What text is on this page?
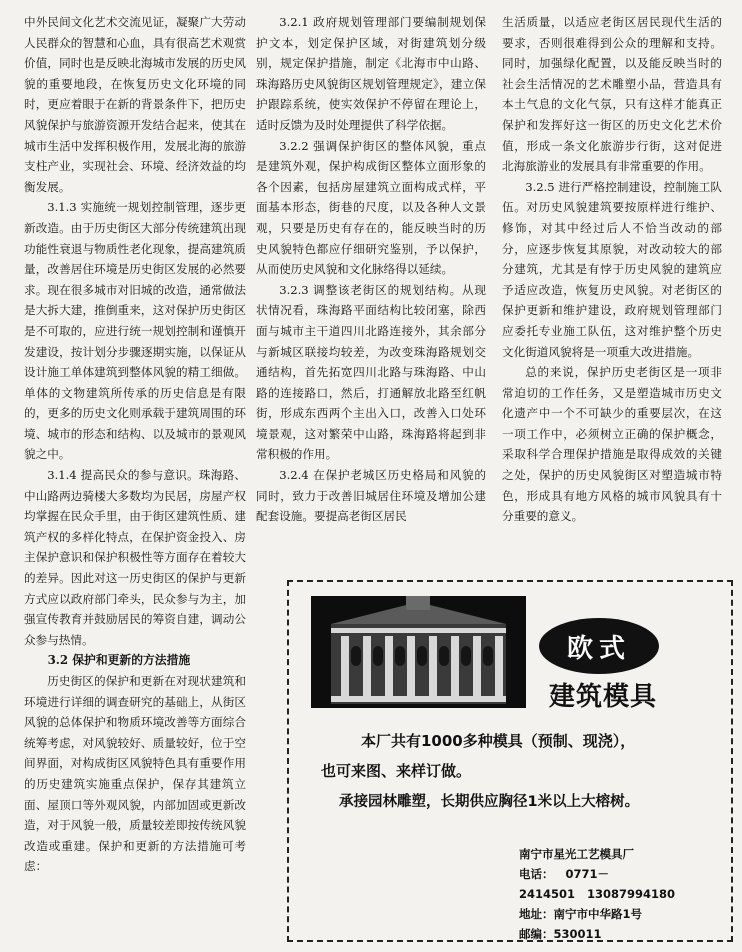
中外民间文化艺术交流见证，凝聚广大劳动人民群众的智慧和心血，具有很高艺术观赏价值，同时也是反映北海城市发展的历史风貌的重要地段，在恢复历史文化环境的同时，更应着眼于在新的背景条件下，把历史风貌保护与旅游资源开发结合起来，使其在城市生活中发挥积极作用，发展北海的旅游支柱产业，实现社会、环境、经济效益的均衡发展。

3.1.3 实施统一规划控制管理，逐步更新改造。由于历史街区大部分传统建筑出现功能性衰退与物质性老化现象，提高建筑质量，改善居住环境是历史街区发展的必然要求。现在很多城市对旧城的改造，通常做法是大拆大建，推倒重来，这对保护历史街区是不可取的，应进行统一规划控制和谨慎开发建设，按计划分步骤逐期实施，以保证从设计施工单体建筑到整体风貌的精工细做。单体的文物建筑所传承的历史信息是有限的，更多的历史文化则承载于建筑周围的环境、城市的形态和结构、以及城市的景观风貌之中。

3.1.4 提高民众的参与意识。珠海路、中山路两边骑楼大多数均为民居，房屋产权均掌握在民众手里，由于街区建筑性质、建筑产权的多样化特点，在保护资金投入、房主保护意识和保护积极性等方面存在着较大的差异。因此对这一历史街区的保护与更新方式应以政府部门牵头，民众参与为主，加强宣传教育并鼓励居民的筹资自建，调动公众参与热情。

3.2 保护和更新的方法措施

历史街区的保护和更新在对现状建筑和环境进行详细的调查研究的基础上，从街区风貌的总体保护和物质环境改善等方面综合统筹考虑，对风貌较好、质量较好，位于空间界面，对构成街区风貌特色具有重要作用的历史建筑实施重点保护，保存其建筑立面、屋顶口等外观风貌，内部加固或更新改造，对于风貌一般，质量较差即按传统风貌改造或重建。保护和更新的方法措施可考虑：

3.2.1 政府规划管理部门要编制规划保护文本，划定保护区域，对街建筑划分级别，规定保护措施，制定《北海市中山路、珠海路历史风貌街区规划管理规定》，建立保护跟踪系统，使实效保护不停留在理论上，适时反馈为及时处理提供了科学依据。

3.2.2 强调保护街区的整体风貌，重点是建筑外观，保护构成街区整体立面形象的各个因素，包括房屋建筑立面构成式样，平面基本形态，街巷的尺度，以及各种人文景观，只要是历史有存在的，能反映当时的历史风貌特色都应仔细研究鉴别，予以保护，从而使历史风貌和文化脉络得以延续。

3.2.3 调整该老街区的规划结构。从现状情况看，珠海路平面结构比较闭塞，除西面与城市主干道四川北路连接外，其余部分与新城区联接均较差，为改变珠海路规划交通结构，首先拓宽四川北路与珠海路、中山路的连接路口，然后，打通解放北路至红帆街，形成东西两个主出入口，改善入口处环境景观，这对繁荣中山路，珠海路将起到非常积极的作用。

3.2.4 在保护老城区历史格局和风貌的同时，致力于改善旧城居住环境及增加公建配套设施。要提高老街区居民

生活质量，以适应老街区居民现代生活的要求，否则很难得到公众的理解和支持。同时，加强绿化配置，以及能反映当时的社会生活情况的艺术雕塑小品，营造具有本土气息的文化气氛，只有这样才能真正保护和发挥好这一街区的历史文化艺术价值，形成一条文化旅游步行街，这对促进北海旅游业的发展具有非常重要的作用。

3.2.5 进行严格控制建设，控制施工队伍。对历史风貌建筑要按原样进行维护、修饰，对其中经过后人不恰当改动的部分，应逐步恢复其原貌，对改动较大的部分建筑，尤其是有悖于历史风貌的建筑应予适应改造，恢复历史风貌。对老街区的保护更新和维护建设，政府规划管理部门应委托专业施工队伍，这对维护整个历史文化街道风貌将是一项重大改进措施。

总的来说，保护历史老街区是一项非常迫切的工作任务，又是塑造城市历史文化遗产中一个不可缺少的重要层次，在这一项工作中，必须树立正确的保护概念，采取科学合理保护措施是取得成效的关键之处，保护的历史风貌街区对塑造城市特色，形成具有地方风格的城市风貌具有十分重要的意义。

欧式
建筑模具
本厂共有1000多种模具（预制、现浇），
也可来图、来样订做。
承接园林雕塑，长期供应胸径1米以上大榕树。
南宁市星光工艺模具厂
电话： 0771－2414501 13087994180
地址：南宁市中华路1号
邮编：530011
